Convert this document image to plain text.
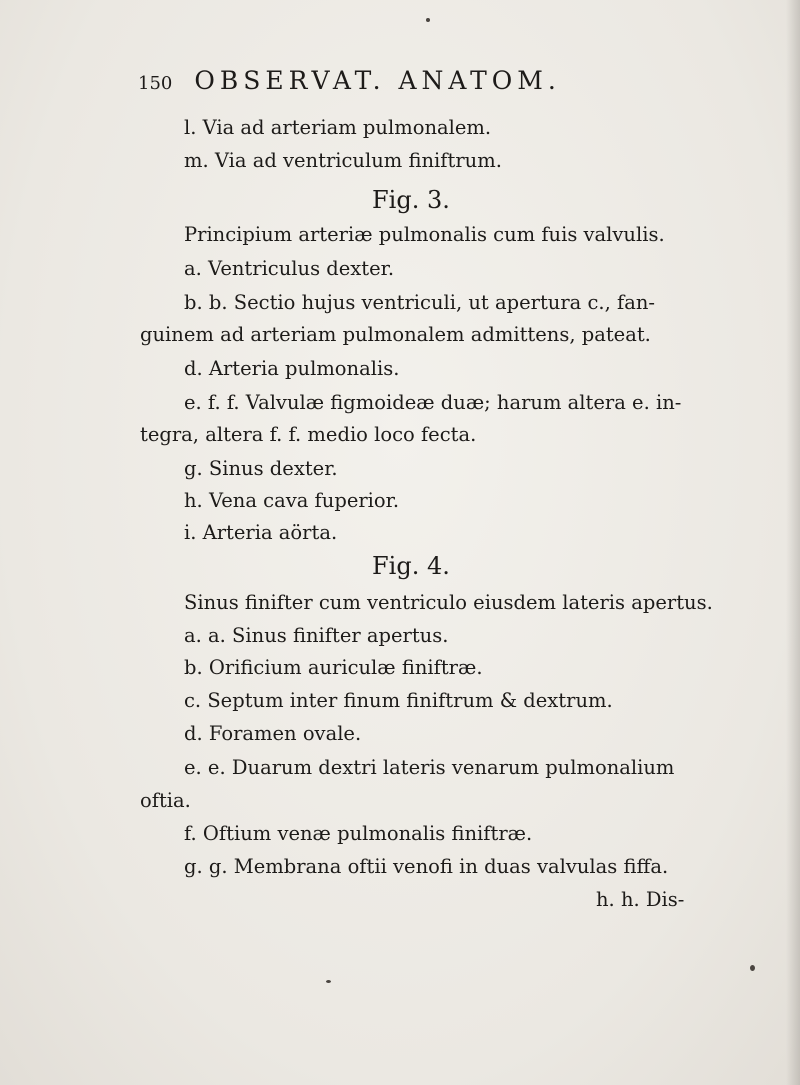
150 OBSERVAT. ANATOM.
l. Via ad arteriam pulmonalem.
m. Via ad ventriculum finiftrum.
Fig. 3.
Principium arteriæ pulmonalis cum fuis valvulis.
a. Ventriculus dexter.
b. b. Sectio hujus ventriculi, ut apertura c., fan-
guinem ad arteriam pulmonalem admittens, pateat.
d. Arteria pulmonalis.
e. f. f. Valvulæ figmoideæ duæ; harum altera e. in-
tegra, altera f. f. medio loco fecta.
g. Sinus dexter.
h. Vena cava fuperior.
i. Arteria aörta.
Fig. 4.
Sinus finifter cum ventriculo eiusdem lateris apertus.
a. a. Sinus finifter apertus.
b. Orificium auriculæ finiftræ.
c. Septum inter finum finiftrum & dextrum.
d. Foramen ovale.
e. e. Duarum dextri lateris venarum pulmonalium
oftia.
f. Oftium venæ pulmonalis finiftræ.
g. g. Membrana oftii venofi in duas valvulas fiffa.
h. h. Dis-
